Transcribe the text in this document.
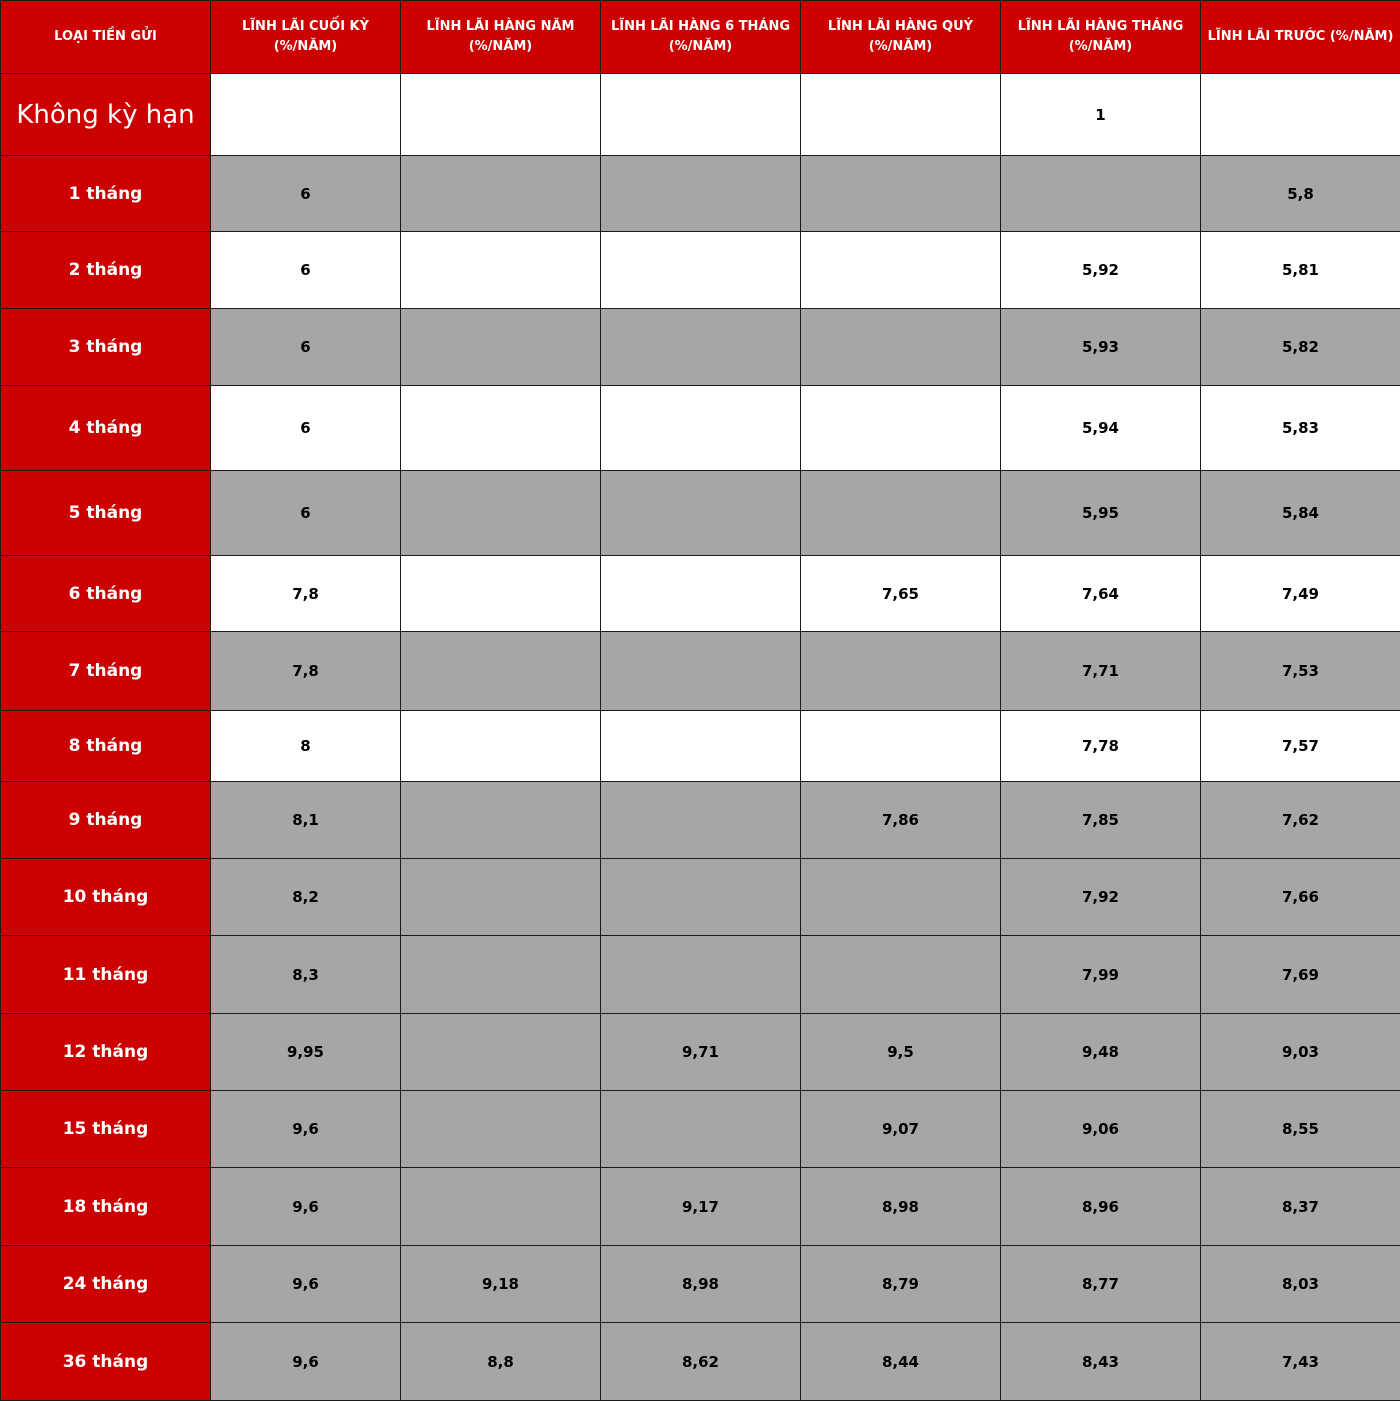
LOẠI TIỀN GỬI	LĨNH LÃI CUỐI KỲ (%/NĂM)	LĨNH LÃI HÀNG NĂM (%/NĂM)	LĨNH LÃI HÀNG 6 THÁNG (%/NĂM)	LĨNH LÃI HÀNG QUÝ (%/NĂM)	LĨNH LÃI HÀNG THÁNG (%/NĂM)	LĨNH LÃI TRƯỚC (%/NĂM)
Không kỳ hạn					1	
1 tháng	6					5,8
2 tháng	6				5,92	5,81
3 tháng	6				5,93	5,82
4 tháng	6				5,94	5,83
5 tháng	6				5,95	5,84
6 tháng	7,8			7,65	7,64	7,49
7 tháng	7,8				7,71	7,53
8 tháng	8				7,78	7,57
9 tháng	8,1			7,86	7,85	7,62
10 tháng	8,2				7,92	7,66
11 tháng	8,3				7,99	7,69
12 tháng	9,95		9,71	9,5	9,48	9,03
15 tháng	9,6			9,07	9,06	8,55
18 tháng	9,6		9,17	8,98	8,96	8,37
24 tháng	9,6	9,18	8,98	8,79	8,77	8,03
36 tháng	9,6	8,8	8,62	8,44	8,43	7,43
